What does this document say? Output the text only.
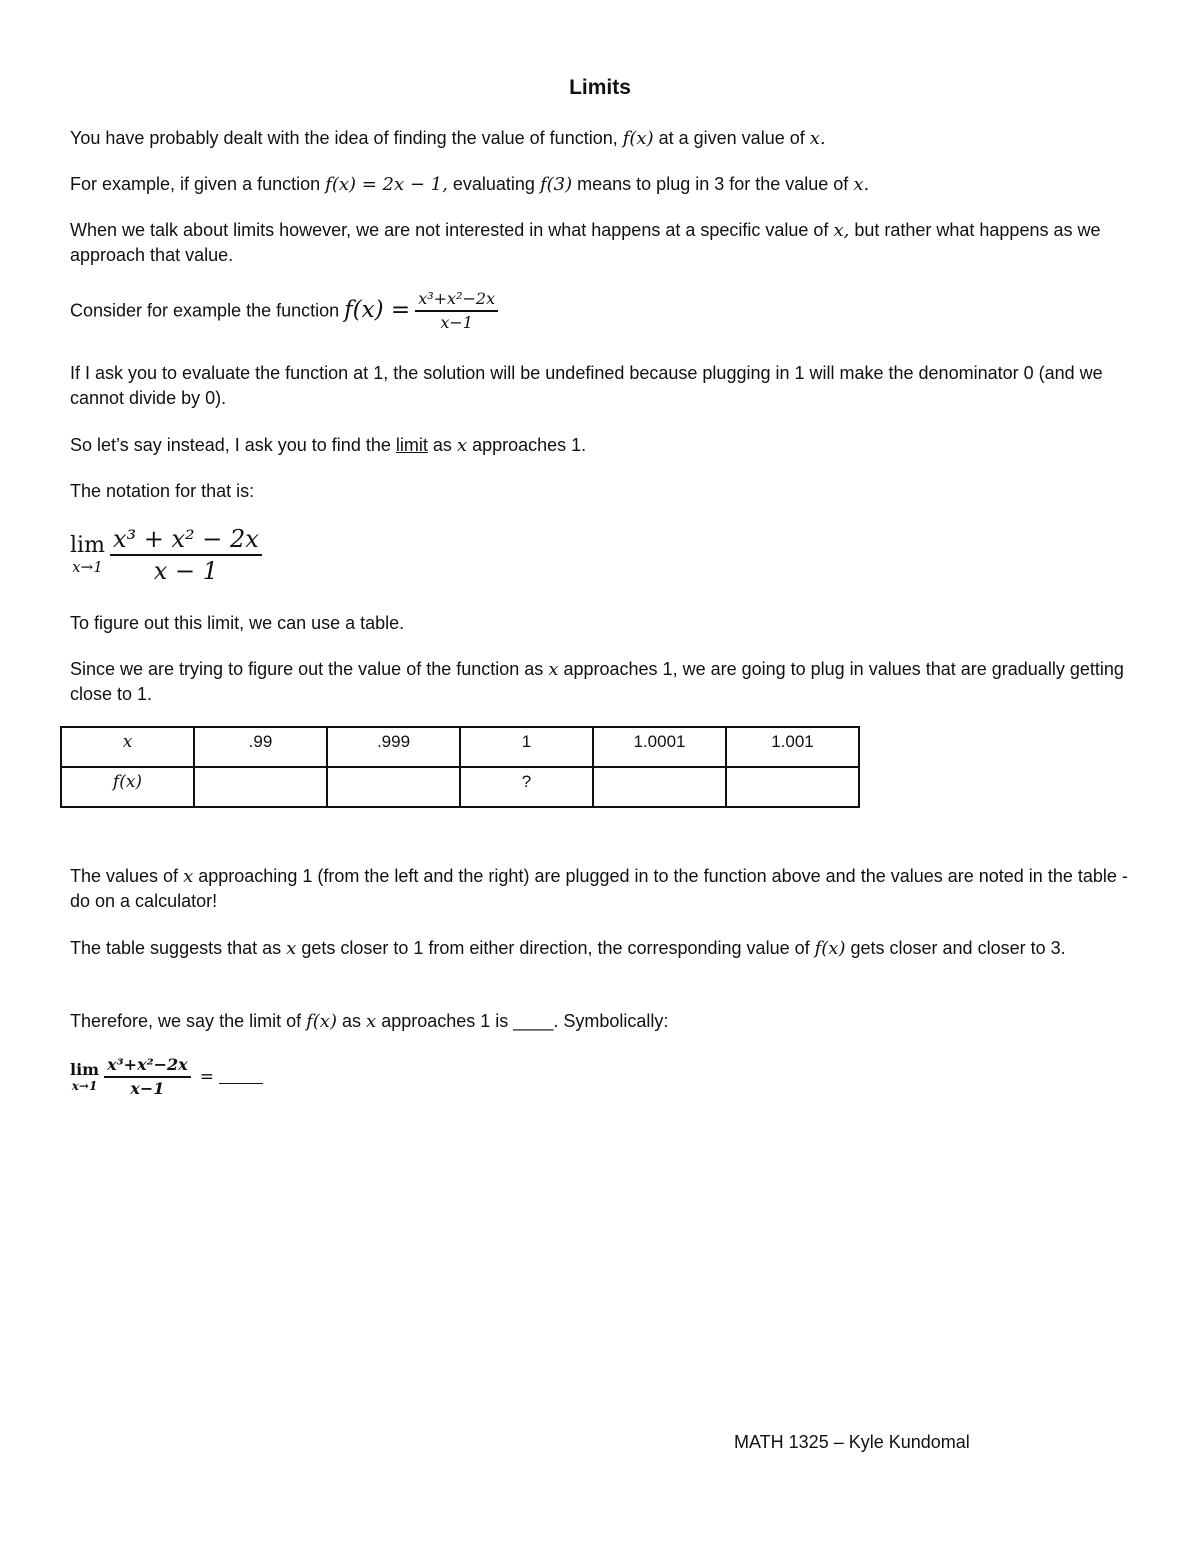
Limits
You have probably dealt with the idea of finding the value of function, f(x) at a given value of x.
For example, if given a function f(x) = 2x − 1, evaluating f(3) means to plug in 3 for the value of x.
When we talk about limits however, we are not interested in what happens at a specific value of x, but rather what happens as we approach that value.
Consider for example the function $f(x) = \frac{\text{x³+x²−2x}}{x-1}$
If I ask you to evaluate the function at 1, the solution will be undefined because plugging in 1 will make the denominator 0 (and we cannot divide by 0).
So let’s say instead, I ask you to find the limit as x approaches 1.
The notation for that is:
lim
x→1
$\frac{\text{x³ + x² − 2x}}{x - 1}$
To figure out this limit, we can use a table.
Since we are trying to figure out the value of the function as x approaches 1, we are going to plug in values that are gradually getting close to 1.
x	.99	.999	1	1.0001	1.001
f(x)			?		
The values of x approaching 1 (from the left and the right) are plugged in to the function above and the values are noted in the table - do on a calculator!
The table suggests that as x gets closer to 1 from either direction, the corresponding value of f(x) gets closer and closer to 3.
Therefore, we say the limit of f(x) as x approaches 1 is ____. Symbolically:
lim
x→1
$\frac{\text{x³+x²−2x}}{x-1}$ =
MATH 1325 – Kyle Kundomal
